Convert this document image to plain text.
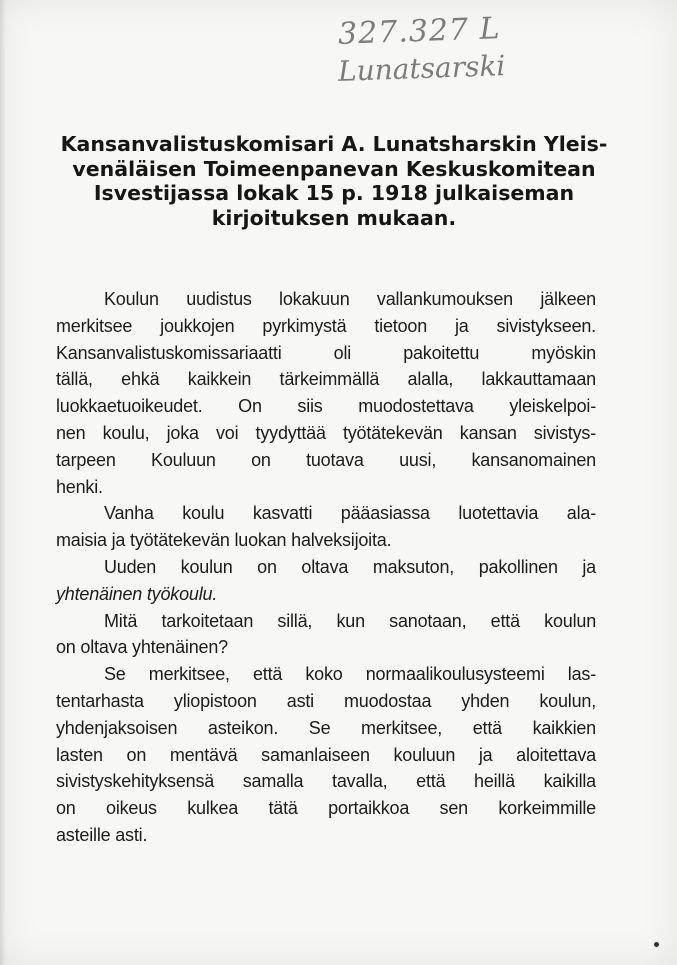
327.327 L
Lunatsarski
Kansanvalistuskomisari A. Lunatsharskin Yleis-
venäläisen Toimeenpanevan Keskuskomitean
Isvestijassa lokak 15 p. 1918 julkaiseman
kirjoituksen mukaan.

Koulun uudistus lokakuun vallankumouksen jälkeen
merkitsee joukkojen pyrkimystä tietoon ja sivistykseen.
Kansanvalistuskomissariaatti oli pakoitettu myöskin
tällä, ehkä kaikkein tärkeimmällä alalla, lakkauttamaan
luokkaetuoikeudet. On siis muodostettava yleiskelpoi-
nen koulu, joka voi tyydyttää työtätekevän kansan sivistys-
tarpeen Kouluun on tuotava uusi, kansanomainen
henki.

Vanha koulu kasvatti pääasiassa luotettavia ala-
maisia ja työtätekevän luokan halveksijoita.

Uuden koulun on oltava maksuton, pakollinen ja
yhtenäinen työkoulu.

Mitä tarkoitetaan sillä, kun sanotaan, että koulun
on oltava yhtenäinen?

Se merkitsee, että koko normaalikoulusysteemi las-
tentarhasta yliopistoon asti muodostaa yhden koulun,
yhdenjaksoisen asteikon. Se merkitsee, että kaikkien
lasten on mentävä samanlaiseen kouluun ja aloitettava
sivistyskehityksensä samalla tavalla, että heillä kaikilla
on oikeus kulkea tätä portaikkoa sen korkeimmille
asteille asti.
